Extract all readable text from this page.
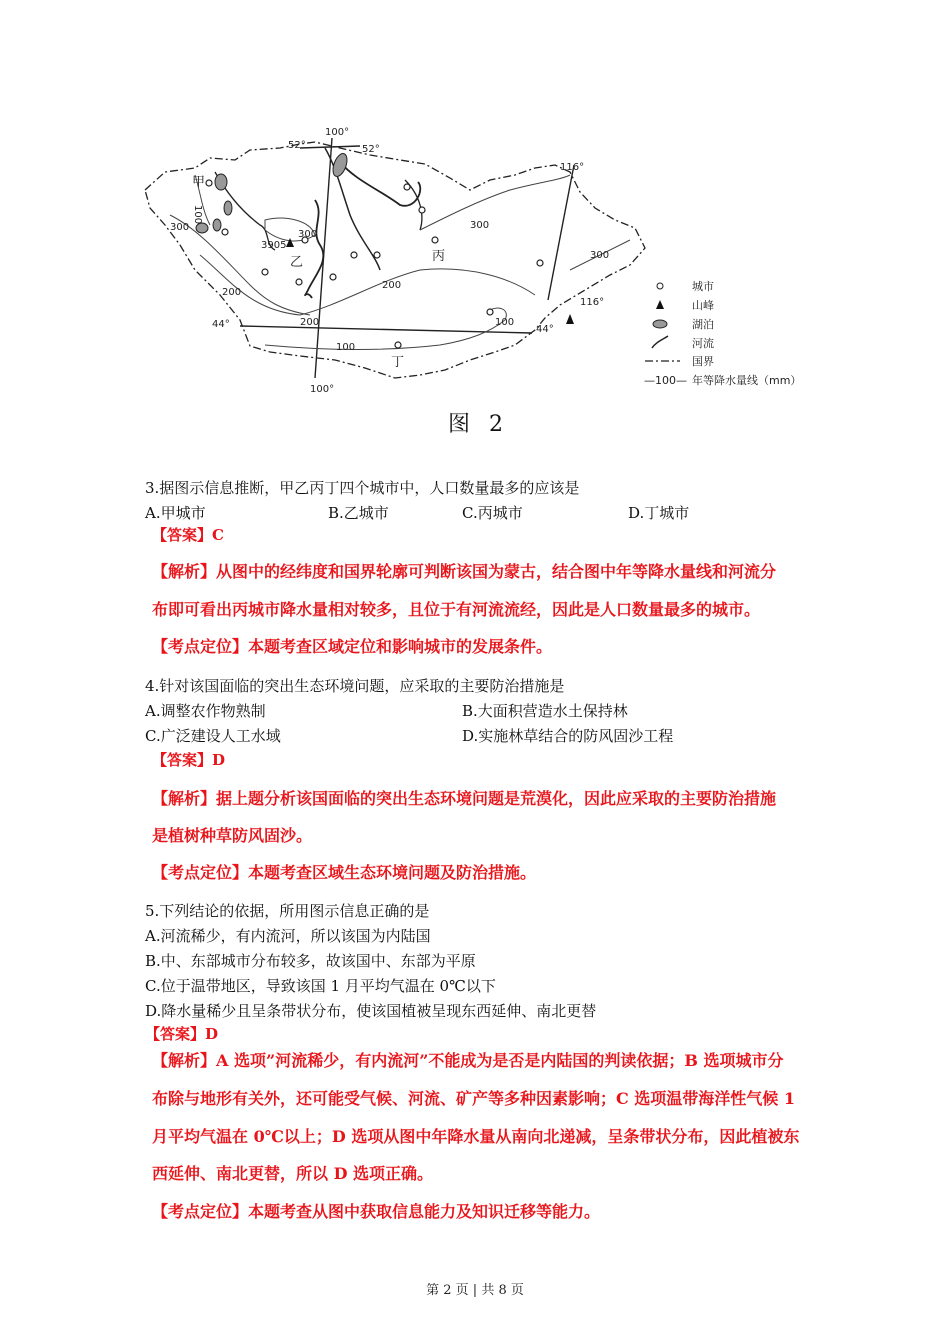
100°
100°
52°	52°
116°
116°
44°	44°
3905
甲
乙	丙
丁
100
300
300
200
200
200
300
300
100
100
城市
山峰
湖泊
河流
国界
—100— 年等降水量线（mm）
图 2
3.据图示信息推断，甲乙丙丁四个城市中，人口数量最多的应该是
A.甲城市	B.乙城市	C.丙城市	D.丁城市
【答案】C
【解析】从图中的经纬度和国界轮廓可判断该国为蒙古，结合图中年等降水量线和河流分
布即可看出丙城市降水量相对较多，且位于有河流流经，因此是人口数量最多的城市。
【考点定位】本题考查区域定位和影响城市的发展条件。
4.针对该国面临的突出生态环境问题，应采取的主要防治措施是
A.调整农作物熟制	B.大面积营造水土保持林
C.广泛建设人工水域	D.实施林草结合的防风固沙工程
【答案】D
【解析】据上题分析该国面临的突出生态环境问题是荒漠化，因此应采取的主要防治措施
是植树种草防风固沙。
【考点定位】本题考查区域生态环境问题及防治措施。
5.下列结论的依据，所用图示信息正确的是
A.河流稀少，有内流河，所以该国为内陆国
B.中、东部城市分布较多，故该国中、东部为平原
C.位于温带地区，导致该国 1 月平均气温在 0℃以下
D.降水量稀少且呈条带状分布，使该国植被呈现东西延伸、南北更替
【答案】D
【解析】A 选项”河流稀少，有内流河”不能成为是否是内陆国的判读依据；B 选项城市分
布除与地形有关外，还可能受气候、河流、矿产等多种因素影响；C 选项温带海洋性气候 1
月平均气温在 0℃以上；D 选项从图中年降水量从南向北递减，呈条带状分布，因此植被东
西延伸、南北更替，所以 D 选项正确。
【考点定位】本题考查从图中获取信息能力及知识迁移等能力。
第 2 页 | 共 8 页
